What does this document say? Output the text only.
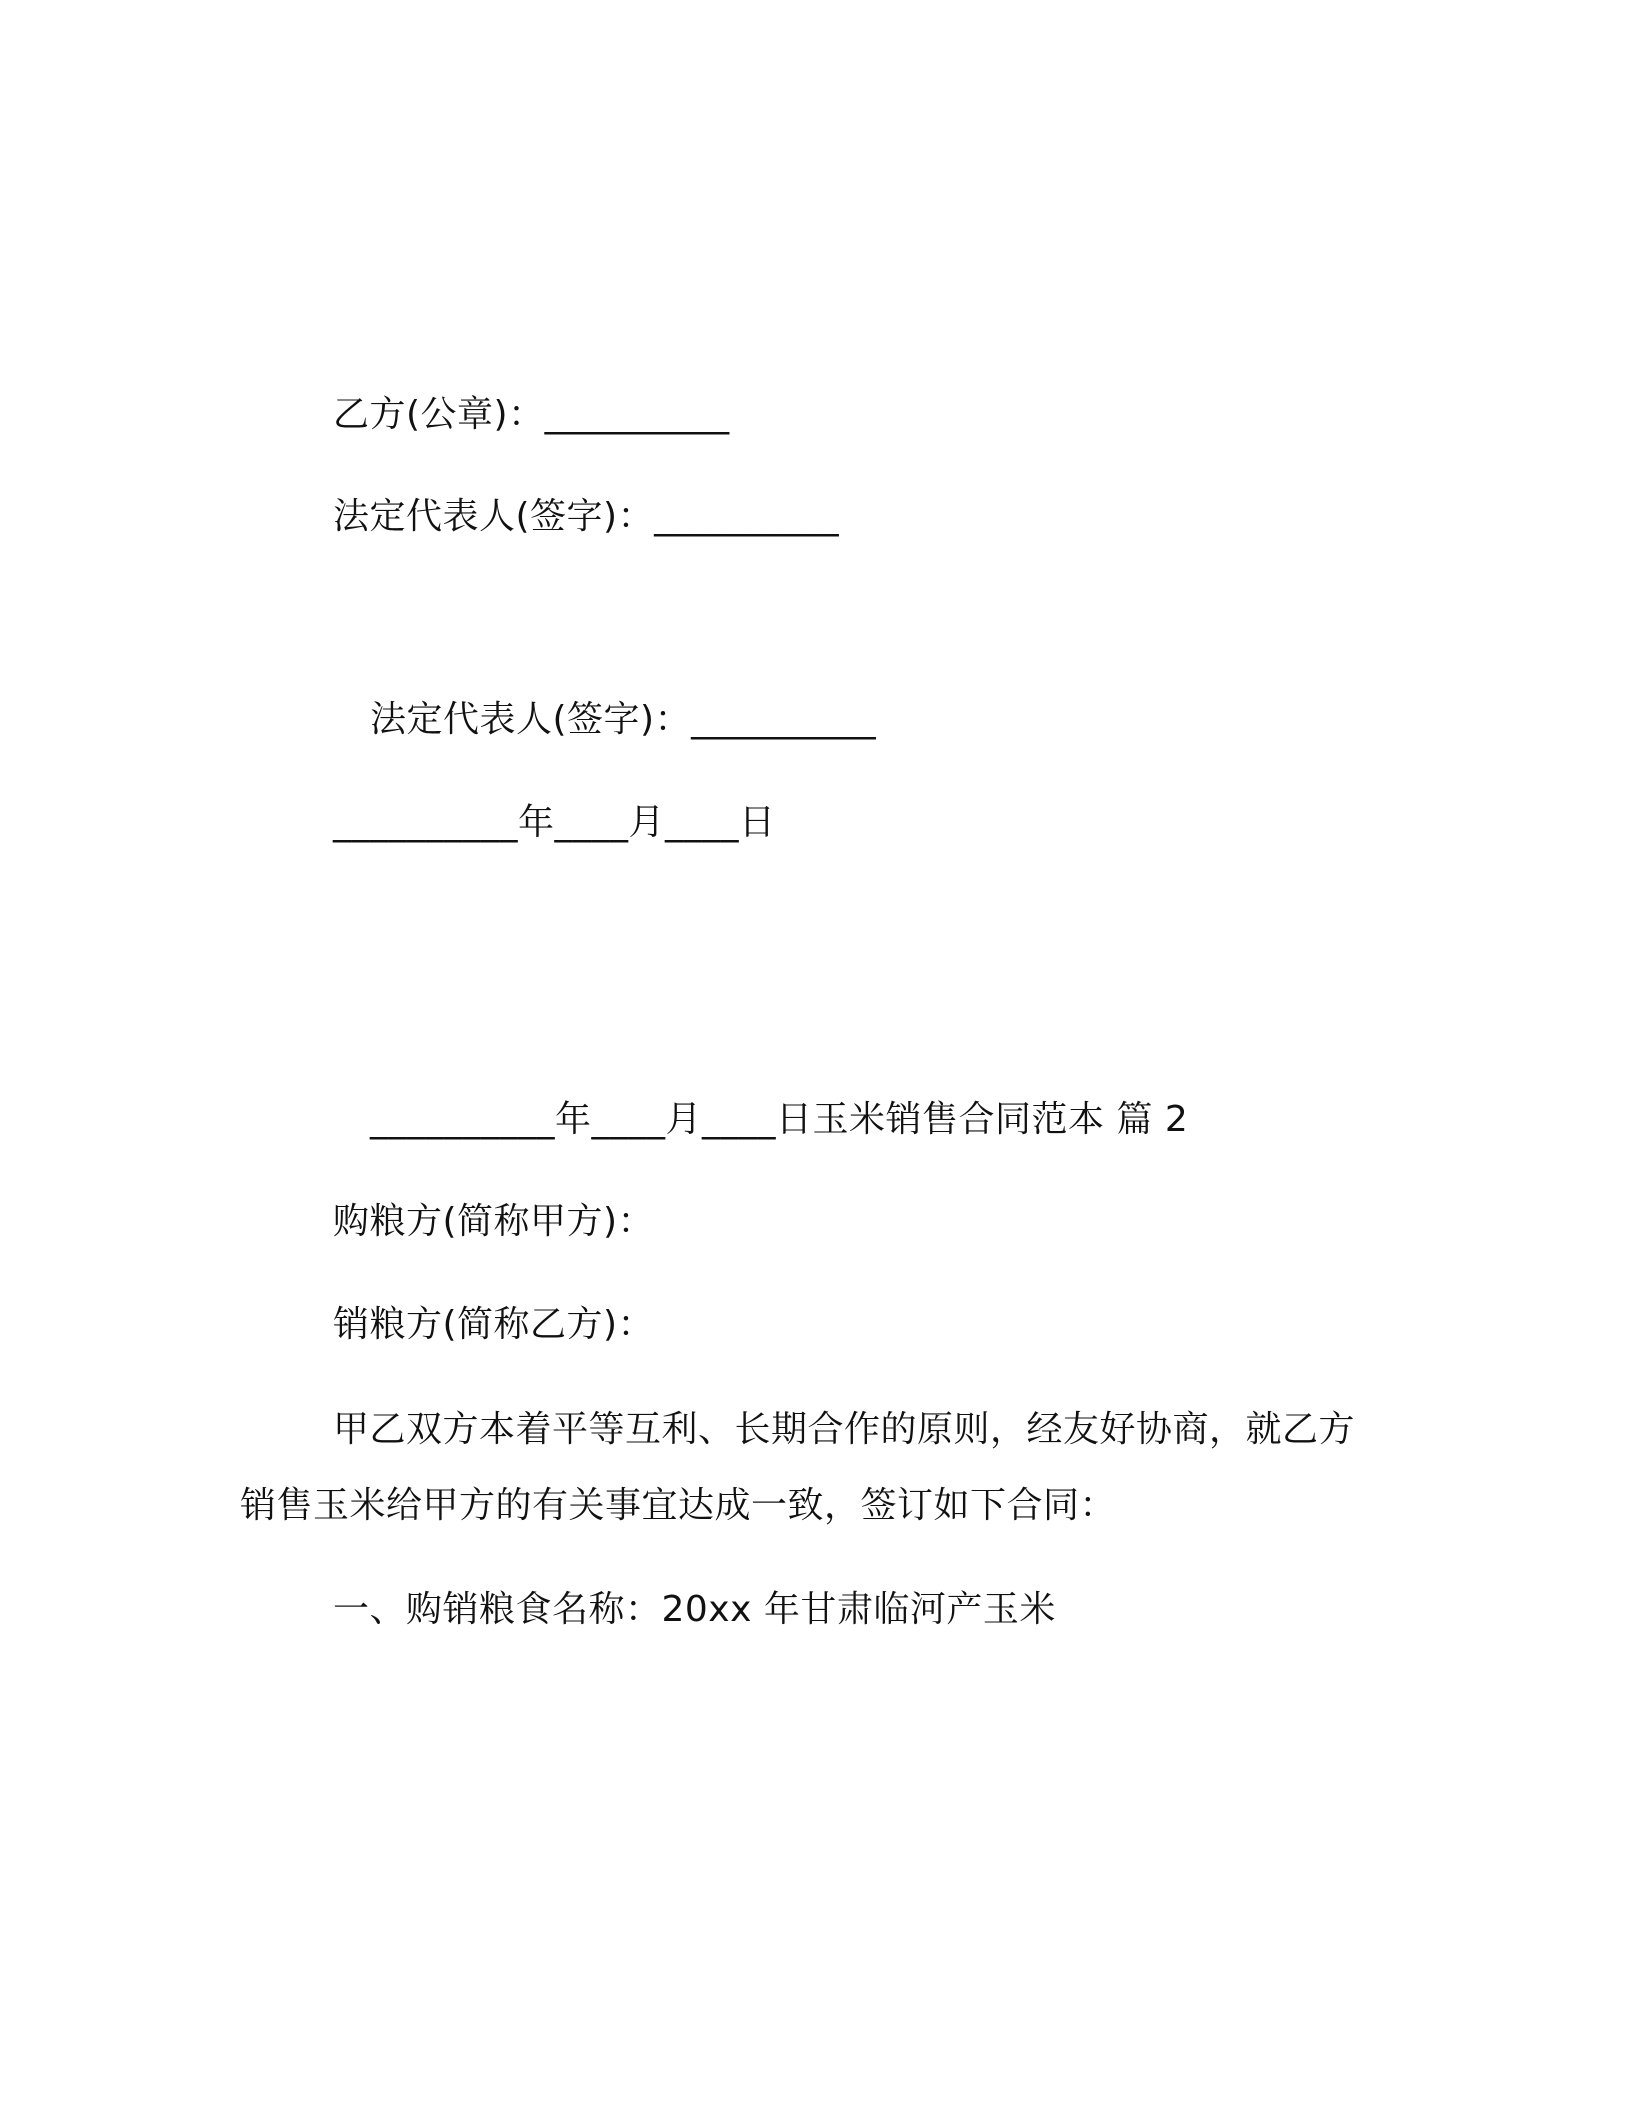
乙方(公章)：__________
法定代表人(签字)：__________
法定代表人(签字)：__________
__________年____月____日
__________年____月____日玉米销售合同范本 篇 2
购粮方(简称甲方)：
销粮方(简称乙方)：
甲乙双方本着平等互利、长期合作的原则，经友好协商，就乙方
销售玉米给甲方的有关事宜达成一致，签订如下合同：
一、购销粮食名称：20xx 年甘肃临河产玉米
